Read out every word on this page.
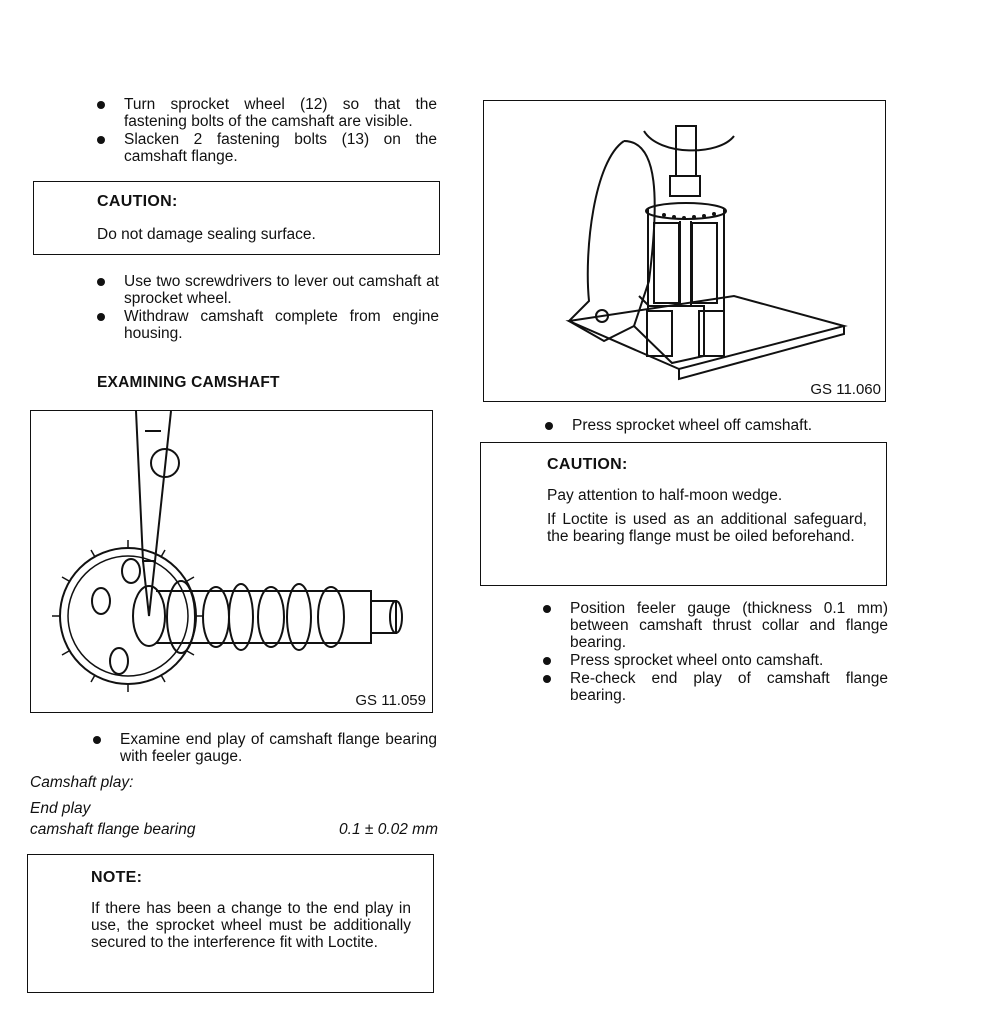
Turn sprocket wheel (12) so that the fastening bolts of the camshaft are visible.
Slacken 2 fastening bolts (13) on the camshaft flange.
CAUTION:
Do not damage sealing surface.
Use two screwdrivers to lever out camshaft at sprocket wheel.
Withdraw camshaft complete from engine housing.
EXAMINING CAMSHAFT
GS 11.059
Examine end play of camshaft flange bearing with feeler gauge.
Camshaft play:
End play
camshaft flange bearing	0.1 ± 0.02 mm
NOTE:
If there has been a change to the end play in use, the sprocket wheel must be additionally secured to the interference fit with Loctite.
GS 11.060
Press sprocket wheel off camshaft.
CAUTION:
Pay attention to half-moon wedge.
If Loctite is used as an additional safeguard, the bearing flange must be oiled beforehand.
Position feeler gauge (thickness 0.1 mm) between camshaft thrust collar and flange bearing.
Press sprocket wheel onto camshaft.
Re-check end play of camshaft flange bearing.
